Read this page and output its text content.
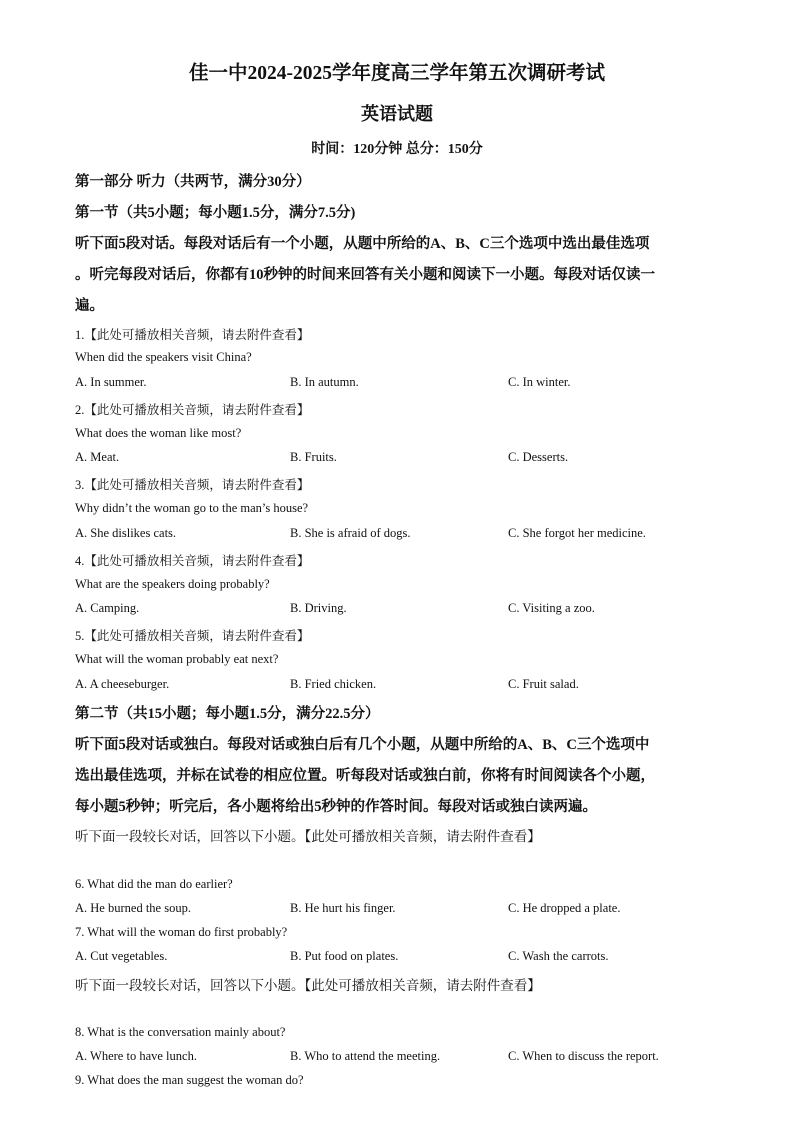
佳一中2024-2025学年度高三学年第五次调研考试
英语试题
时间：120分钟 总分：150分
第一部分 听力（共两节，满分30分）
第一节（共5小题；每小题1.5分，满分7.5分)
听下面5段对话。每段对话后有一个小题，从题中所给的A、B、C三个选项中选出最佳选项
。听完每段对话后，你都有10秒钟的时间来回答有关小题和阅读下一小题。每段对话仅读一
遍。
1.【此处可播放相关音频，请去附件查看】
When did the speakers visit China?
A. In summer.	B. In autumn.	C. In winter.
2.【此处可播放相关音频，请去附件查看】
What does the woman like most?
A. Meat.	B. Fruits.	C. Desserts.
3.【此处可播放相关音频，请去附件查看】
Why didn’t the woman go to the man’s house?
A. She dislikes cats.	B. She is afraid of dogs.	C. She forgot her medicine.
4.【此处可播放相关音频，请去附件查看】
What are the speakers doing probably?
A. Camping.	B. Driving.	C. Visiting a zoo.
5.【此处可播放相关音频，请去附件查看】
What will the woman probably eat next?
A. A cheeseburger.	B. Fried chicken.	C. Fruit salad.
第二节（共15小题；每小题1.5分，满分22.5分）
听下面5段对话或独白。每段对话或独白后有几个小题，从题中所给的A、B、C三个选项中
选出最佳选项，并标在试卷的相应位置。听每段对话或独白前，你将有时间阅读各个小题，
每小题5秒钟；听完后，各小题将给出5秒钟的作答时间。每段对话或独白读两遍。
听下面一段较长对话，回答以下小题。【此处可播放相关音频，请去附件查看】
6. What did the man do earlier?
A. He burned the soup.	B. He hurt his finger.	C. He dropped a plate.
7. What will the woman do first probably?
A. Cut vegetables.	B. Put food on plates.	C. Wash the carrots.
听下面一段较长对话，回答以下小题。【此处可播放相关音频，请去附件查看】
8. What is the conversation mainly about?
A. Where to have lunch.	B. Who to attend the meeting.	C. When to discuss the report.
9. What does the man suggest the woman do?
